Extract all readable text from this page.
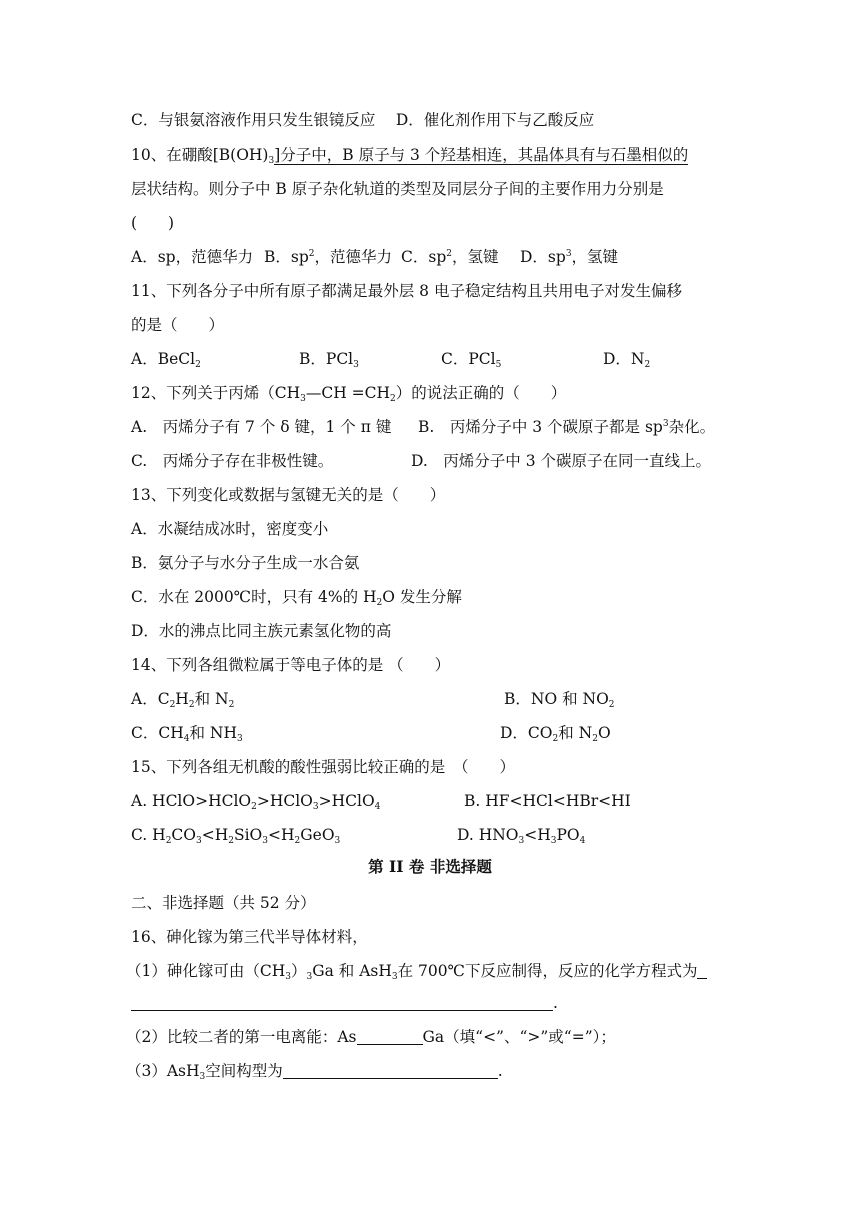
C．与银氨溶液作用只发生银镜反应　 D．催化剂作用下与乙酸反应
10、在硼酸$[B(OH)_3]$分子中，B 原子与 3 个羟基相连，其晶体具有与石墨相似的
层状结构。则分子中 B 原子杂化轨道的类型及同层分子间的主要作用力分别是
(　　)
A．sp，范德华力 B．$sp^2$，范德华力 C．$sp^2$，氢键 D．$sp^3$，氢键
11、下列各分子中所有原子都满足最外层 8 电子稳定结构且共用电子对发生偏移
的是（　　）
A．BeCl$_2$	B．PCl$_3$	C．PCl$_5$	D．$N_2$
12、下列关于丙烯$(CH_3—CH =CH_2)$的说法正确的（　　）
A.　丙烯分子有 7 个 δ 键，1 个 π 键 B.　丙烯分子中 3 个碳原子都是 $sp^3$杂化。
C.　丙烯分子存在非极性键。	D.　丙烯分子中 3 个碳原子在同一直线上。
13、下列变化或数据与氢键无关的是（　　）
A．水凝结成冰时，密度变小
B．氨分子与水分子生成一水合氨
C．水在 2000℃时，只有 4%的 $H_2O$ 发生分解
D．水的沸点比同主族元素氢化物的高
14、下列各组微粒属于等电子体的是 （　　）
A．$C_2H_2$和 $N_2$	B．NO 和 $NO_2$
C．$CH_4$和 $NH_3$	D．$CO_2$和 $N_2O$
15、下列各组无机酸的酸性强弱比较正确的是　（　　）
A. HClO>HClO$_2$>HClO$_3$>HClO$_4$	B. HF<HCl<HBr<HI
C. $H_2CO_3<H_2SiO_3<H_2GeO_3$	D. $HNO_3<H_3PO_4$
第 II 卷 非选择题
二、非选择题（共 52 分）
16、砷化镓为第三代半导体材料，
（1）砷化镓可由$(CH_3)_3Ga$ 和 AsH$_3$在 700℃下反应制得，反应的化学方程式为
.
（2）比较二者的第一电离能：As	Ga（填“<”、“>”或“=”）；
（3）AsH$_3$空间构型为	.
